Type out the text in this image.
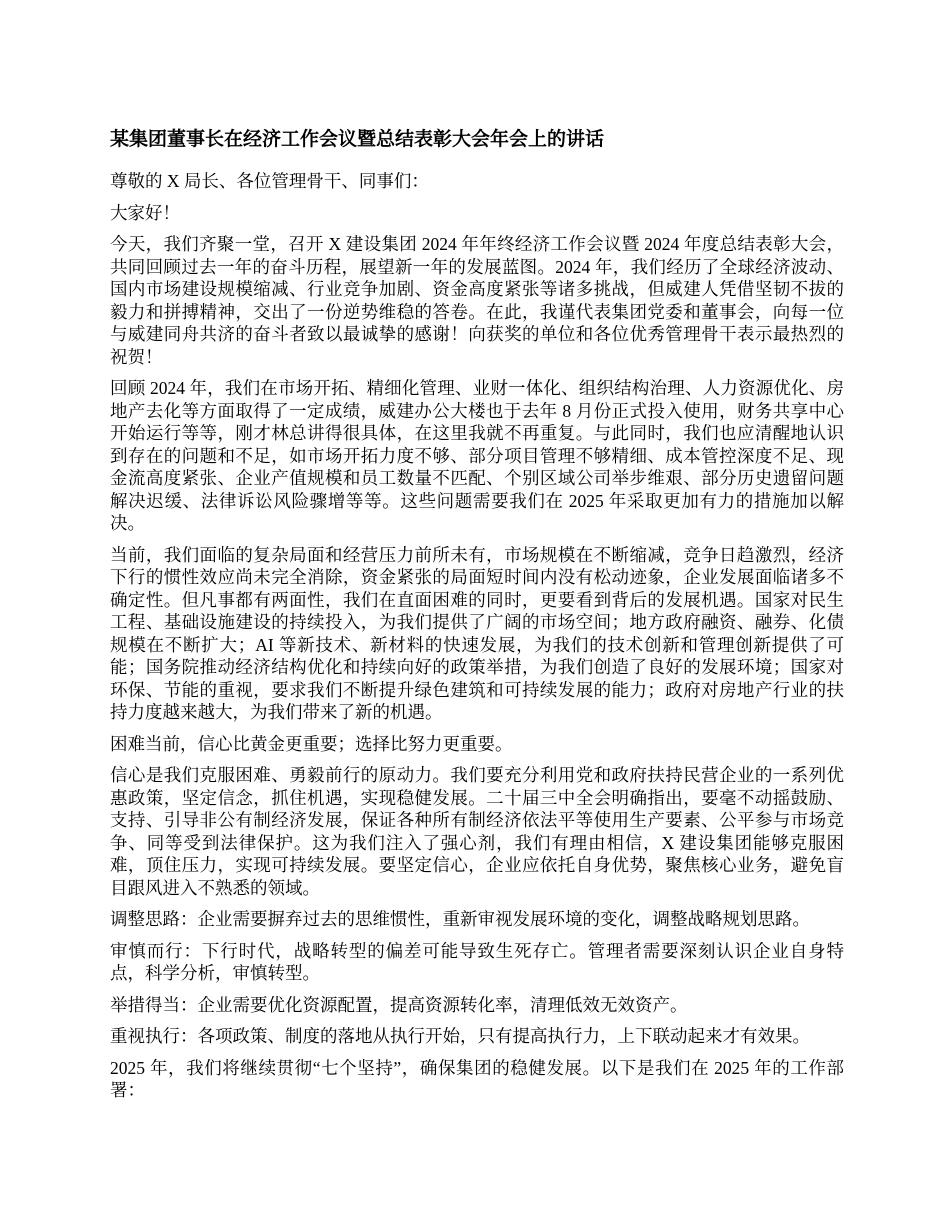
某集团董事长在经济工作会议暨总结表彰大会年会上的讲话

尊敬的 X 局长、各位管理骨干、同事们：

大家好！

今天，我们齐聚一堂，召开 X 建设集团 2024 年年终经济工作会议暨 2024 年度总结表彰大会，共同回顾过去一年的奋斗历程，展望新一年的发展蓝图。2024 年，我们经历了全球经济波动、国内市场建设规模缩减、行业竞争加剧、资金高度紧张等诸多挑战，但威建人凭借坚韧不拔的毅力和拼搏精神，交出了一份逆势维稳的答卷。在此，我谨代表集团党委和董事会，向每一位与威建同舟共济的奋斗者致以最诚挚的感谢！向获奖的单位和各位优秀管理骨干表示最热烈的祝贺！

回顾 2024 年，我们在市场开拓、精细化管理、业财一体化、组织结构治理、人力资源优化、房地产去化等方面取得了一定成绩，威建办公大楼也于去年 8 月份正式投入使用，财务共享中心开始运行等等，刚才林总讲得很具体，在这里我就不再重复。与此同时，我们也应清醒地认识到存在的问题和不足，如市场开拓力度不够、部分项目管理不够精细、成本管控深度不足、现金流高度紧张、企业产值规模和员工数量不匹配、个别区域公司举步维艰、部分历史遗留问题解决迟缓、法律诉讼风险骤增等等。这些问题需要我们在 2025 年采取更加有力的措施加以解决。

当前，我们面临的复杂局面和经营压力前所未有，市场规模在不断缩减，竞争日趋激烈，经济下行的惯性效应尚未完全消除，资金紧张的局面短时间内没有松动迹象，企业发展面临诸多不确定性。但凡事都有两面性，我们在直面困难的同时，更要看到背后的发展机遇。国家对民生工程、基础设施建设的持续投入，为我们提供了广阔的市场空间；地方政府融资、融券、化债规模在不断扩大；AI 等新技术、新材料的快速发展，为我们的技术创新和管理创新提供了可能；国务院推动经济结构优化和持续向好的政策举措，为我们创造了良好的发展环境；国家对环保、节能的重视，要求我们不断提升绿色建筑和可持续发展的能力；政府对房地产行业的扶持力度越来越大，为我们带来了新的机遇。

困难当前，信心比黄金更重要；选择比努力更重要。

信心是我们克服困难、勇毅前行的原动力。我们要充分利用党和政府扶持民营企业的一系列优惠政策，坚定信念，抓住机遇，实现稳健发展。二十届三中全会明确指出，要毫不动摇鼓励、支持、引导非公有制经济发展，保证各种所有制经济依法平等使用生产要素、公平参与市场竞争、同等受到法律保护。这为我们注入了强心剂，我们有理由相信，X 建设集团能够克服困难，顶住压力，实现可持续发展。要坚定信心，企业应依托自身优势，聚焦核心业务，避免盲目跟风进入不熟悉的领域。

调整思路：企业需要摒弃过去的思维惯性，重新审视发展环境的变化，调整战略规划思路。

审慎而行：下行时代，战略转型的偏差可能导致生死存亡。管理者需要深刻认识企业自身特点，科学分析，审慎转型。

举措得当：企业需要优化资源配置，提高资源转化率，清理低效无效资产。

重视执行：各项政策、制度的落地从执行开始，只有提高执行力，上下联动起来才有效果。

2025 年，我们将继续贯彻“七个坚持”，确保集团的稳健发展。以下是我们在 2025 年的工作部署：
